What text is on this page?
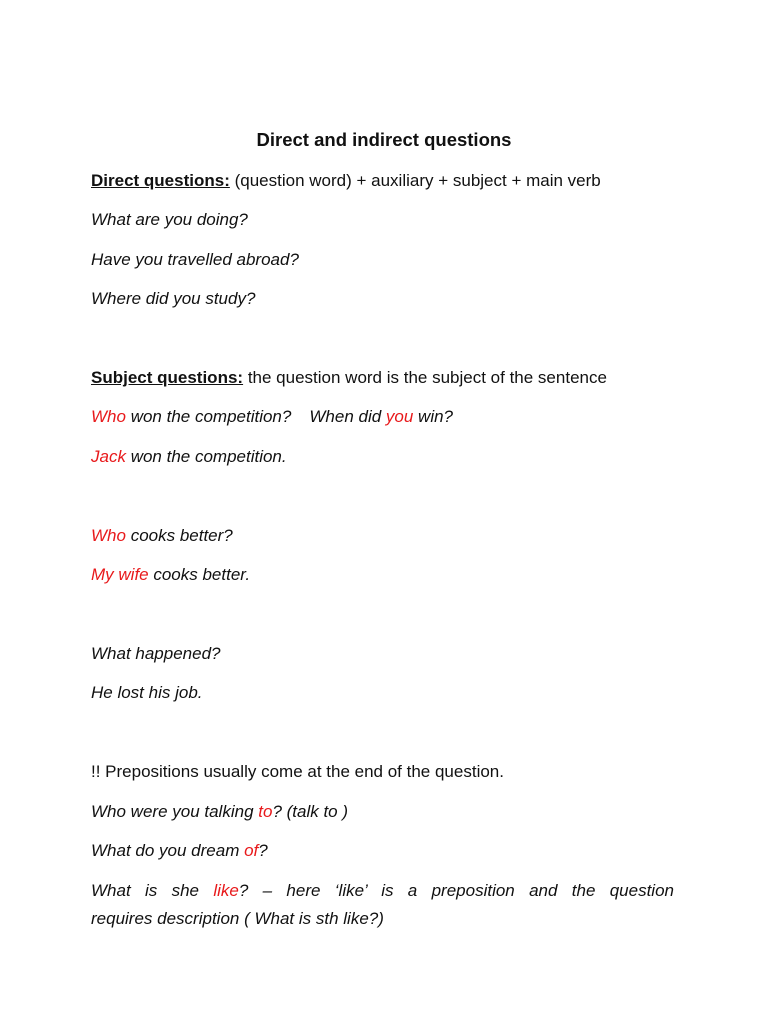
Direct and indirect questions
Direct questions: (question word) + auxiliary + subject + main verb
What are you doing?
Have you travelled abroad?
Where did you study?
Subject questions: the question word is the subject of the sentence
Who won the competition? When did you win?
Jack won the competition.
Who cooks better?
My wife cooks better.
What happened?
He lost his job.
!! Prepositions usually come at the end of the question.
Who were you talking to? (talk to )
What do you dream of?
What is she like? – here ‘like’ is a preposition and the question
requires description ( What is sth like?)
